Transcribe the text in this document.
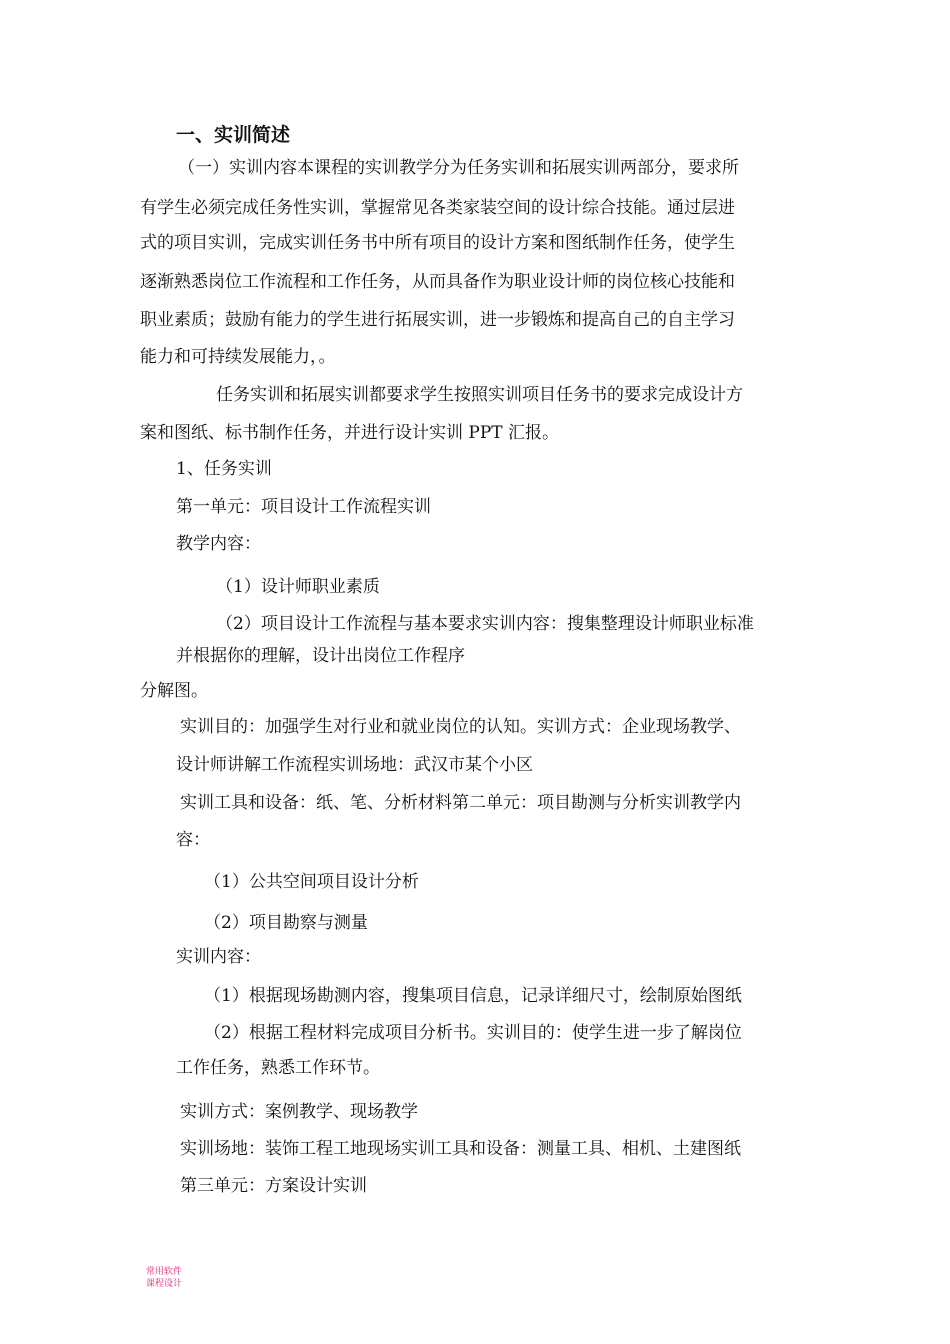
一、实训简述

（一）实训内容本课程的实训教学分为任务实训和拓展实训两部分，要求所

有学生必须完成任务性实训，掌握常见各类家装空间的设计综合技能。通过层进

式的项目实训，完成实训任务书中所有项目的设计方案和图纸制作任务，使学生

逐渐熟悉岗位工作流程和工作任务，从而具备作为职业设计师的岗位核心技能和

职业素质；鼓励有能力的学生进行拓展实训，进一步锻炼和提高自己的自主学习

能力和可持续发展能力，。

任务实训和拓展实训都要求学生按照实训项目任务书的要求完成设计方

案和图纸、标书制作任务，并进行设计实训 PPT 汇报。

1、任务实训

第一单元：项目设计工作流程实训

教学内容：

（1）设计师职业素质

（2）项目设计工作流程与基本要求实训内容：搜集整理设计师职业标准

并根据你的理解，设计出岗位工作程序

分解图。

实训目的：加强学生对行业和就业岗位的认知。实训方式：企业现场教学、

设计师讲解工作流程实训场地：武汉市某个小区

实训工具和设备：纸、笔、分析材料第二单元：项目勘测与分析实训教学内

容：

（1）公共空间项目设计分析

（2）项目勘察与测量

实训内容：

（1）根据现场勘测内容，搜集项目信息，记录详细尺寸，绘制原始图纸

（2）根据工程材料完成项目分析书。实训目的：使学生进一步了解岗位

工作任务，熟悉工作环节。

实训方式：案例教学、现场教学

实训场地：装饰工程工地现场实训工具和设备：测量工具、相机、土建图纸

第三单元：方案设计实训

常用软件
课程设计
